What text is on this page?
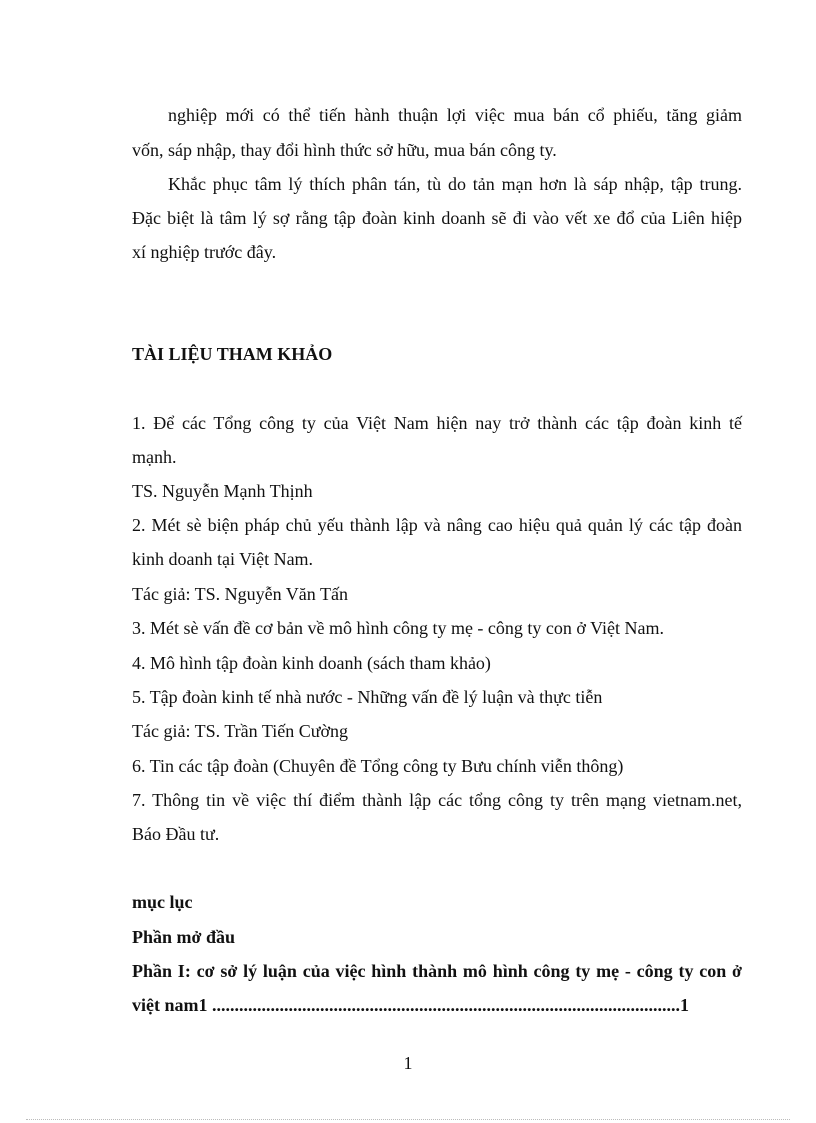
nghiệp mới có thể tiến hành thuận lợi việc mua bán cổ phiếu, tăng giảm
vốn, sáp nhập, thay đổi hình thức sở hữu, mua bán công ty.
Khắc phục tâm lý thích phân tán, tù do tản mạn hơn là sáp nhập, tập trung.
Đặc biệt là tâm lý sợ rằng tập đoàn kinh doanh sẽ đi vào vết xe đổ của Liên hiệp
xí nghiệp trước đây.
TÀI LIỆU THAM KHẢO
1. Để các Tổng công ty của Việt Nam hiện nay trở thành các tập đoàn kinh tế
mạnh.
TS. Nguyễn Mạnh Thịnh
2. Mét sè biện pháp chủ yếu thành lập và nâng cao hiệu quả quản lý các tập đoàn
kinh doanh tại Việt Nam.
Tác giả: TS. Nguyễn Văn Tấn
3. Mét sè vấn đề cơ bản về mô hình công ty mẹ - công ty con ở Việt Nam.
4. Mô hình tập đoàn kinh doanh (sách tham khảo)
5. Tập đoàn kinh tế nhà nước - Những vấn đề lý luận và thực tiễn
Tác giả: TS. Trần Tiến Cường
6. Tin các tập đoàn (Chuyên đề Tổng công ty Bưu chính viễn thông)
7. Thông tin về việc thí điểm thành lập các tổng công ty trên mạng vietnam.net,
Báo Đầu tư.
mục lục
Phần mở đầu
Phần I: cơ sở lý luận của việc hình thành mô hình công ty mẹ - công ty con ở
việt nam1 ........................................................................................................1
1
